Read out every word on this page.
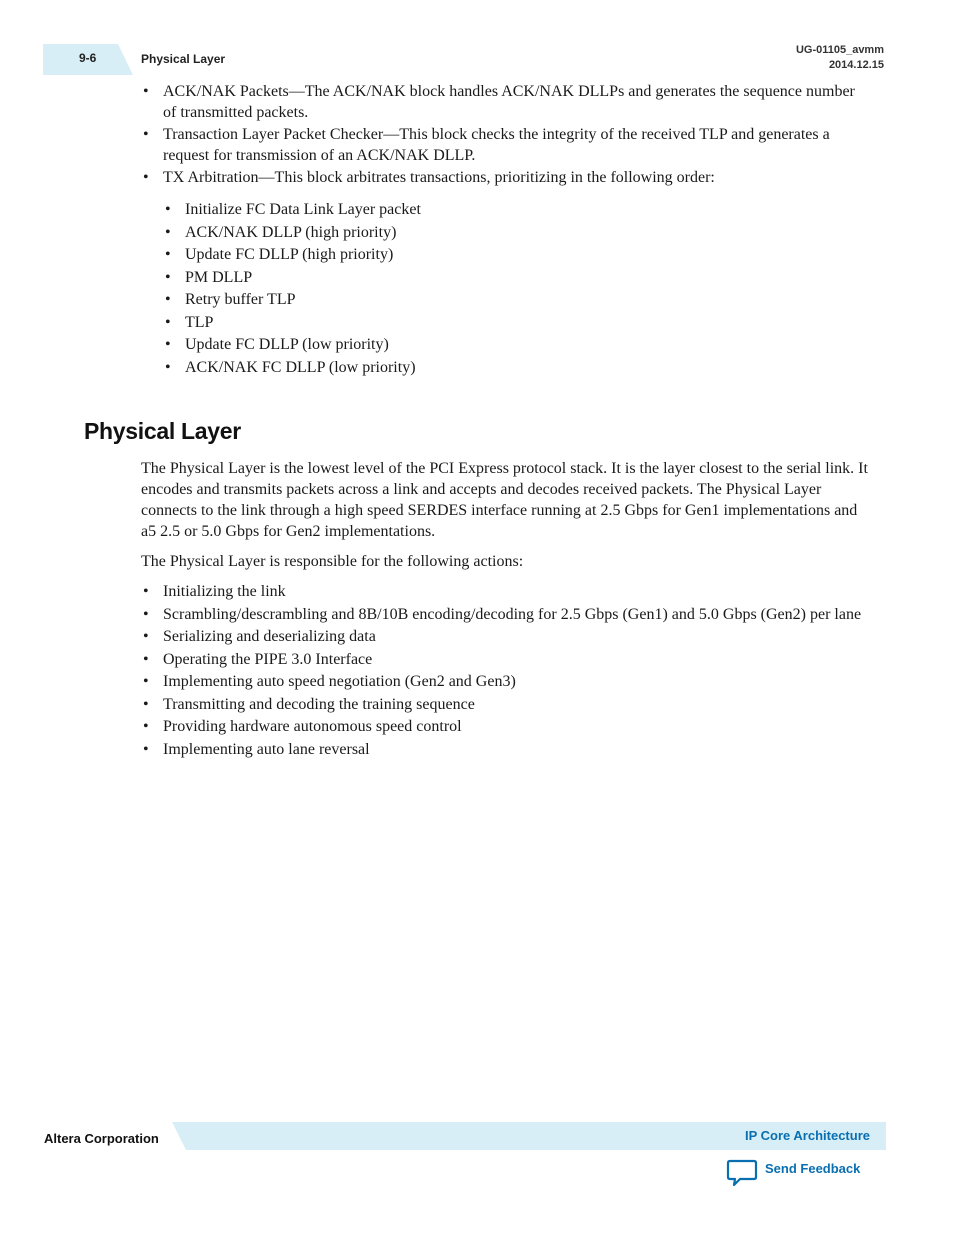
9-6	Physical Layer
UG-01105_avmm
2014.12.15
• ACK/NAK Packets—The ACK/NAK block handles ACK/NAK DLLPs and generates the sequence number of transmitted packets.
• Transaction Layer Packet Checker—This block checks the integrity of the received TLP and generates a request for transmission of an ACK/NAK DLLP.
• TX Arbitration—This block arbitrates transactions, prioritizing in the following order:
• Initialize FC Data Link Layer packet
• ACK/NAK DLLP (high priority)
• Update FC DLLP (high priority)
• PM DLLP
• Retry buffer TLP
• TLP
• Update FC DLLP (low priority)
• ACK/NAK FC DLLP (low priority)
Physical Layer
The Physical Layer is the lowest level of the PCI Express protocol stack. It is the layer closest to the serial link. It encodes and transmits packets across a link and accepts and decodes received packets. The Physical Layer connects to the link through a high speed SERDES interface running at 2.5 Gbps for Gen1 implementations and a5 2.5 or 5.0 Gbps for Gen2 implementations.
The Physical Layer is responsible for the following actions:
• Initializing the link
• Scrambling/descrambling and 8B/10B encoding/decoding for 2.5 Gbps (Gen1) and 5.0 Gbps (Gen2) per lane
• Serializing and deserializing data
• Operating the PIPE 3.0 Interface
• Implementing auto speed negotiation (Gen2 and Gen3)
• Transmitting and decoding the training sequence
• Providing hardware autonomous speed control
• Implementing auto lane reversal
Altera Corporation	IP Core Architecture
Send Feedback
